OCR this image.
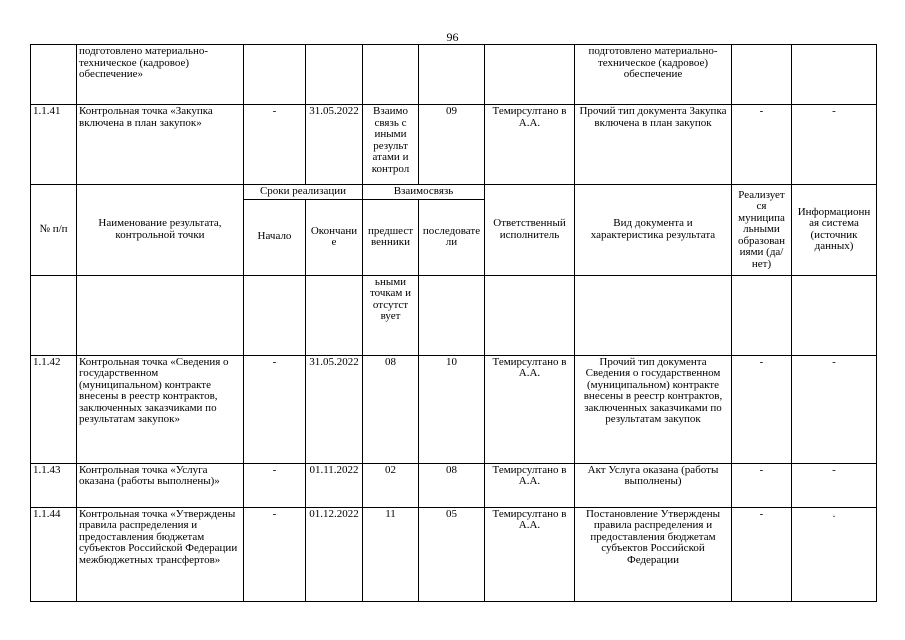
96
	подготовлено материально-техническое (кадровое) обеспечение»						подготовлено материально-техническое (кадровое) обеспечение		
1.1.41	Контрольная точка «Закупка включена в план закупок»	-	31.05.2022	Взаимо связь с иными результ атами и контрол	09	Темирсултано в А.А.	Прочий тип документа Закупка включена в план закупок	-	-
№ п/п	Наименование результата, контрольной точки	Сроки реализации		Взаимосвязь		Ответственный исполнитель	Вид документа и характеристика результата	Реализует ся муниципа льными образован иями (да/нет)	Информационн ая система (источник данных)
		Начало	Окончани е	предшест венники	последовате ли				
				ьными точкам и отсутст вует					
1.1.42	Контрольная точка «Сведения о государственном (муниципальном) контракте внесены в реестр контрактов, заключенных заказчиками по результатам закупок»	-	31.05.2022	08	10	Темирсултано в А.А.	Прочий тип документа Сведения о государственном (муниципальном) контракте внесены в реестр контрактов, заключенных заказчиками по результатам закупок	-	-
1.1.43	Контрольная точка «Услуга оказана (работы выполнены)»	-	01.11.2022	02	08	Темирсултано в А.А.	Акт Услуга оказана (работы выполнены)	-	-
1.1.44	Контрольная точка «Утверждены правила распределения и предоставления бюджетам субъектов Российской Федерации межбюджетных трансфертов»	-	01.12.2022	11	05	Темирсултано в А.А.	Постановление Утверждены правила распределения и предоставления бюджетам субъектов Российской Федерации	-	.
